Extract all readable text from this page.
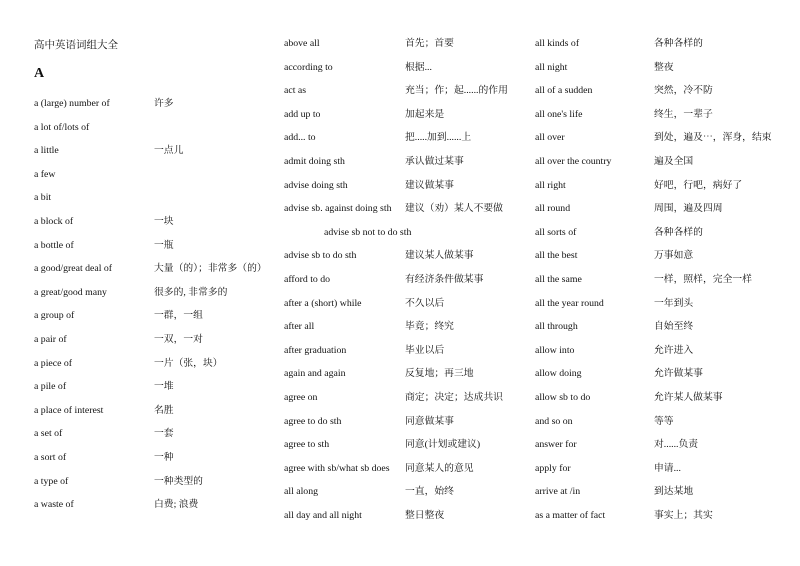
高中英语词组大全
A
a (large) number of	许多
a lot of/lots of
a little	一点儿
a few
a bit
a block of	一块
a bottle of	一瓶
a good/great deal of	大量（的）；非常多（的）
a great/good many	很多的, 非常多的
a group of	一群，一组
a pair of	一双，一对
a piece of	一片（张，块）
a pile of	一堆
a place of interest	名胜
a set of	一套
a sort of	一种
a type of	一种类型的
a waste of	白费; 浪费
above all	首先；首要
according to	根据...
act as	充当；作；起......的作用
add up to	加起来是
add... to	把.....加到......上
admit doing sth	承认做过某事
advise doing sth	建议做某事
advise sb. against doing sth 建议（劝）某人不要做
advise sb not to do sth
advise sb to do sth	建议某人做某事
afford to do	有经济条件做某事
after a (short) while	不久以后
after all	毕竟；终究
after graduation	毕业以后
again and again	反复地；再三地
agree on	商定；决定；达成共识
agree to do sth	同意做某事
agree to sth	同意(计划或建议)
agree with sb/what sb does 同意某人的意见
all along	一直，始终
all day and all night	整日整夜
all kinds of	各种各样的
all night	整夜
all of a sudden	突然，冷不防
all one's life	终生，一辈子
all over	到处，遍及⋯，浑身，结束
all over the country	遍及全国
all right	好吧，行吧，病好了
all round	周围，遍及四周
all sorts of	各种各样的
all the best	万事如意
all the same	一样，照样，完全一样
all the year round	一年到头
all through	自始至终
allow into	允许进入
allow doing	允许做某事
allow sb to do	允许某人做某事
and so on	等等
answer for	对......负责
apply for	申请...
arrive at /in	到达某地
as a matter of fact	事实上；其实
